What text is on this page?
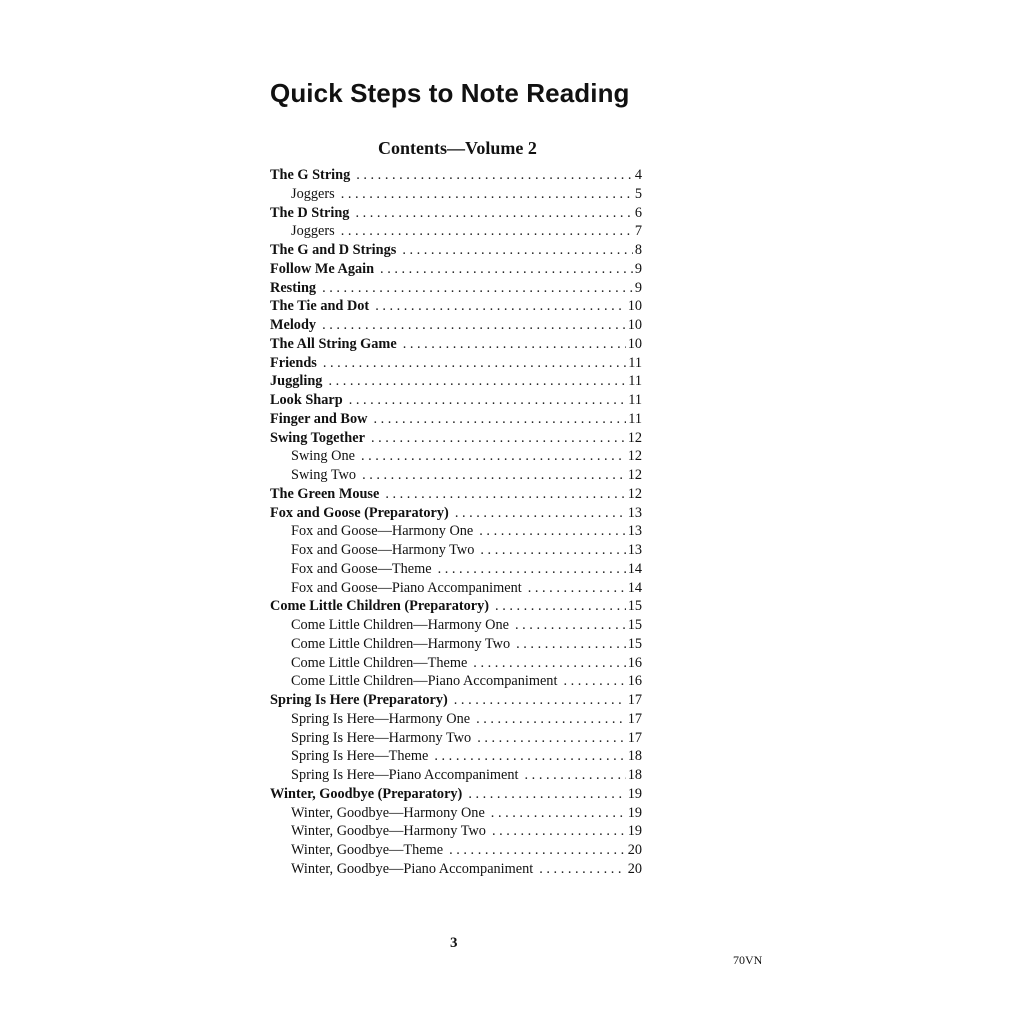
Quick Steps to Note Reading
Contents—Volume 2
The G String . . .	4
Joggers . . .	5
The D String . . .	6
Joggers . . .	7
The G and D Strings . . .	8
Follow Me Again . . .	9
Resting . . .	9
The Tie and Dot . . .	10
Melody . . .	10
The All String Game . . .	10
Friends . . .	11
Juggling . . .	11
Look Sharp . . .	11
Finger and Bow . . .	11
Swing Together . . .	12
Swing One . . .	12
Swing Two . . .	12
The Green Mouse . . .	12
Fox and Goose (Preparatory) . . .	13
Fox and Goose—Harmony One . . .	13
Fox and Goose—Harmony Two . . .	13
Fox and Goose—Theme . . .	14
Fox and Goose—Piano Accompaniment . . .	14
Come Little Children (Preparatory) . . .	15
Come Little Children—Harmony One . . .	15
Come Little Children—Harmony Two . . .	15
Come Little Children—Theme . . .	16
Come Little Children—Piano Accompaniment . . .	16
Spring Is Here (Preparatory) . . .	17
Spring Is Here—Harmony One . . .	17
Spring Is Here—Harmony Two . . .	17
Spring Is Here—Theme . . .	18
Spring Is Here—Piano Accompaniment . . .	18
Winter, Goodbye (Preparatory) . . .	19
Winter, Goodbye—Harmony One . . .	19
Winter, Goodbye—Harmony Two . . .	19
Winter, Goodbye—Theme . . .	20
Winter, Goodbye—Piano Accompaniment . . .	20
3
70VN
